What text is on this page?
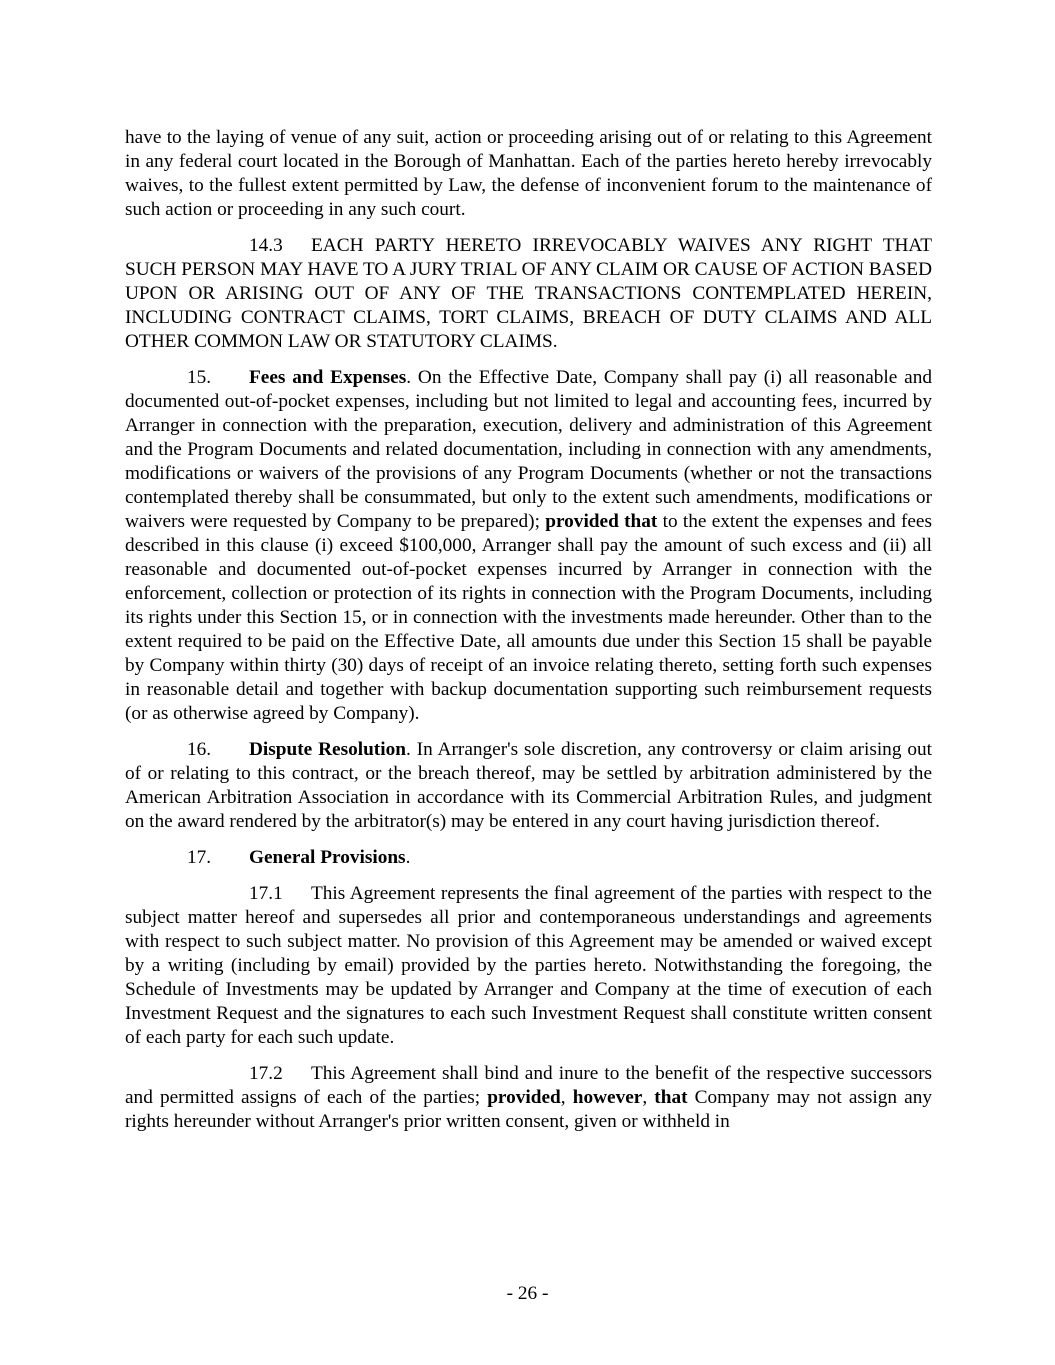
have to the laying of venue of any suit, action or proceeding arising out of or relating to this Agreement in any federal court located in the Borough of Manhattan. Each of the parties hereto hereby irrevocably waives, to the fullest extent permitted by Law, the defense of inconvenient forum to the maintenance of such action or proceeding in any such court.

14.3 EACH PARTY HERETO IRREVOCABLY WAIVES ANY RIGHT THAT SUCH PERSON MAY HAVE TO A JURY TRIAL OF ANY CLAIM OR CAUSE OF ACTION BASED UPON OR ARISING OUT OF ANY OF THE TRANSACTIONS CONTEMPLATED HEREIN, INCLUDING CONTRACT CLAIMS, TORT CLAIMS, BREACH OF DUTY CLAIMS AND ALL OTHER COMMON LAW OR STATUTORY CLAIMS.

15. Fees and Expenses. On the Effective Date, Company shall pay (i) all reasonable and documented out-of-pocket expenses, including but not limited to legal and accounting fees, incurred by Arranger in connection with the preparation, execution, delivery and administration of this Agreement and the Program Documents and related documentation, including in connection with any amendments, modifications or waivers of the provisions of any Program Documents (whether or not the transactions contemplated thereby shall be consummated, but only to the extent such amendments, modifications or waivers were requested by Company to be prepared); provided that to the extent the expenses and fees described in this clause (i) exceed $100,000, Arranger shall pay the amount of such excess and (ii) all reasonable and documented out-of-pocket expenses incurred by Arranger in connection with the enforcement, collection or protection of its rights in connection with the Program Documents, including its rights under this Section 15, or in connection with the investments made hereunder. Other than to the extent required to be paid on the Effective Date, all amounts due under this Section 15 shall be payable by Company within thirty (30) days of receipt of an invoice relating thereto, setting forth such expenses in reasonable detail and together with backup documentation supporting such reimbursement requests (or as otherwise agreed by Company).

16. Dispute Resolution. In Arranger's sole discretion, any controversy or claim arising out of or relating to this contract, or the breach thereof, may be settled by arbitration administered by the American Arbitration Association in accordance with its Commercial Arbitration Rules, and judgment on the award rendered by the arbitrator(s) may be entered in any court having jurisdiction thereof.

17. General Provisions.

17.1 This Agreement represents the final agreement of the parties with respect to the subject matter hereof and supersedes all prior and contemporaneous understandings and agreements with respect to such subject matter. No provision of this Agreement may be amended or waived except by a writing (including by email) provided by the parties hereto. Notwithstanding the foregoing, the Schedule of Investments may be updated by Arranger and Company at the time of execution of each Investment Request and the signatures to each such Investment Request shall constitute written consent of each party for each such update.

17.2 This Agreement shall bind and inure to the benefit of the respective successors and permitted assigns of each of the parties; provided, however, that Company may not assign any rights hereunder without Arranger's prior written consent, given or withheld in

- 26 -
